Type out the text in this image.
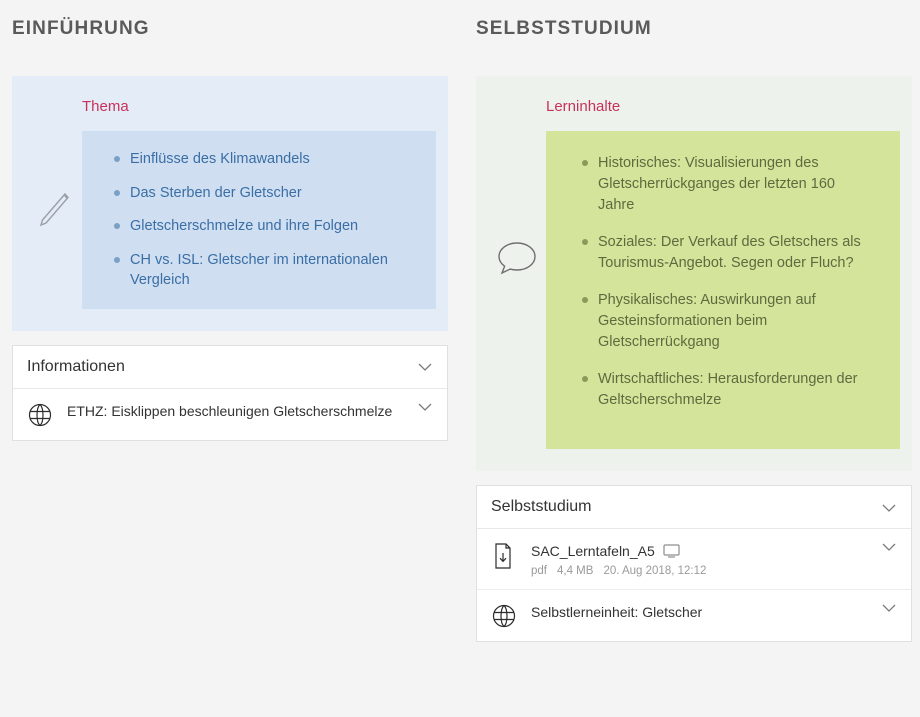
EINFÜHRUNG
Thema
Einflüsse des Klimawandels
Das Sterben der Gletscher
Gletscherschmelze und ihre Folgen
CH vs. ISL: Gletscher im internationalen Vergleich
Informationen
ETHZ: Eisklippen beschleunigen Gletscherschmelze
SELBSTSTUDIUM
Lerninhalte
Historisches: Visualisierungen des Gletscherrückganges der letzten 160 Jahre
Soziales: Der Verkauf des Gletschers als Tourismus-Angebot. Segen oder Fluch?
Physikalisches: Auswirkungen auf Gesteinsformationen beim Gletscherrückgang
Wirtschaftliches: Herausforderungen der Geltscherschmelze
Selbststudium
SAC_Lerntafeln_A5
pdf 4,4 MB 20. Aug 2018, 12:12
Selbstlerneinheit: Gletscher
